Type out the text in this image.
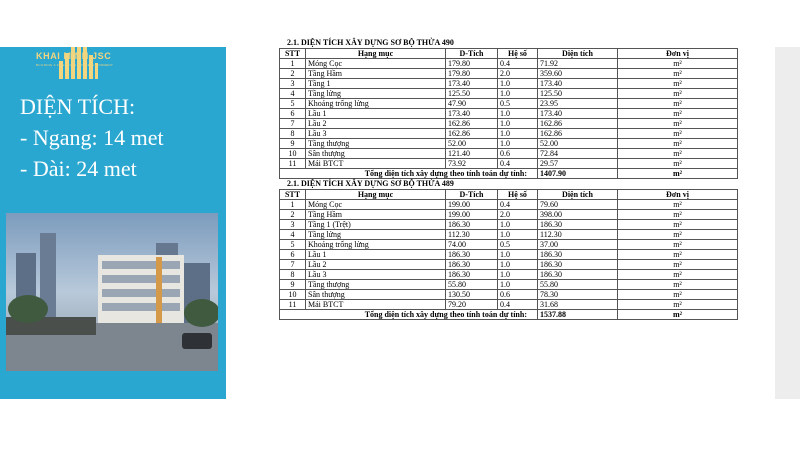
KHAI MINH JSC
BUILDING A FRIENDLY LIVING ENVIRONMENT
DIỆN TÍCH:
- Ngang: 14 met
- Dài: 24 met
2.1. DIỆN TÍCH XÂY DỰNG SƠ BỘ THỬA 490
STT	Hạng mục	D-Tích	Hệ số	Diện tích	Đơn vị
1	Móng Cọc	179.80	0.4	71.92	m²
2	Tầng Hầm	179.80	2.0	359.60	m²
3	Tầng 1	173.40	1.0	173.40	m²
4	Tầng lửng	125.50	1.0	125.50	m²
5	Khoảng trống lửng	47.90	0.5	23.95	m²
6	Lầu 1	173.40	1.0	173.40	m²
7	Lầu 2	162.86	1.0	162.86	m²
8	Lầu 3	162.86	1.0	162.86	m²
9	Tầng thượng	52.00	1.0	52.00	m²
10	Sân thượng	121.40	0.6	72.84	m²
11	Mái BTCT	73.92	0.4	29.57	m²
Tổng diện tích xây dựng theo tính toán dự tính:				1407.90	m²
2.1. DIỆN TÍCH XÂY DỰNG SƠ BỘ THỬA 489
STT	Hạng mục	D-Tích	Hệ số	Diện tích	Đơn vị
1	Móng Cọc	199.00	0.4	79.60	m²
2	Tầng Hầm	199.00	2.0	398.00	m²
3	Tầng 1 (Trệt)	186.30	1.0	186.30	m²
4	Tầng lửng	112.30	1.0	112.30	m²
5	Khoảng trống lửng	74.00	0.5	37.00	m²
6	Lầu 1	186.30	1.0	186.30	m²
7	Lầu 2	186.30	1.0	186.30	m²
8	Lầu 3	186.30	1.0	186.30	m²
9	Tầng thượng	55.80	1.0	55.80	m²
10	Sân thượng	130.50	0.6	78.30	m²
11	Mái BTCT	79.20	0.4	31.68	m²
Tổng diện tích xây dựng theo tính toán dự tính:				1537.88	m²
